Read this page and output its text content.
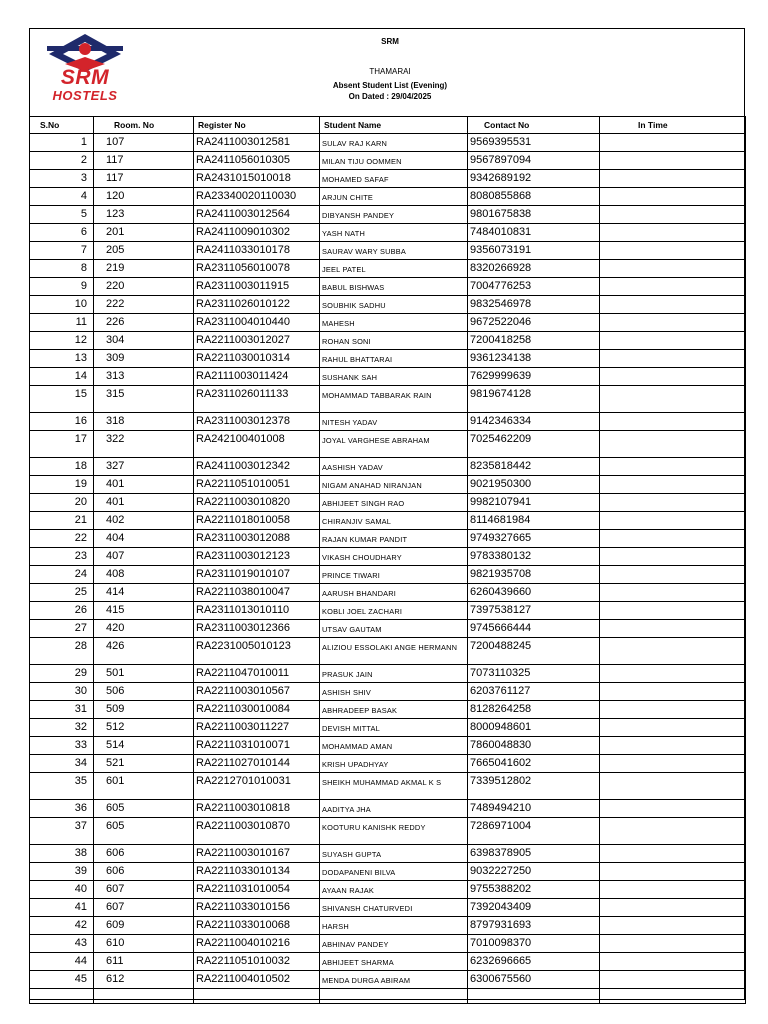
SRM
HOSTELS
SRM
THAMARAI
Absent Student List (Evening)
On Dated : 29/04/2025
S.No	Room. No	Register No	Student Name	Contact No	In Time
1	107	RA2411003012581	SULAV RAJ KARN	9569395531	
2	117	RA2411056010305	MILAN TIJU OOMMEN	9567897094	
3	117	RA2431015010018	MOHAMED SAFAF	9342689192	
4	120	RA23340020110030	ARJUN CHITE	8080855868	
5	123	RA2411003012564	DIBYANSH PANDEY	9801675838	
6	201	RA2411009010302	YASH NATH	7484010831	
7	205	RA2411033010178	SAURAV WARY SUBBA	9356073191	
8	219	RA2311056010078	JEEL PATEL	8320266928	
9	220	RA2311003011915	BABUL BISHWAS	7004776253	
10	222	RA2311026010122	SOUBHIK SADHU	9832546978	
11	226	RA2311004010440	MAHESH	9672522046	
12	304	RA2211003012027	ROHAN SONI	7200418258	
13	309	RA2211030010314	RAHUL BHATTARAI	9361234138	
14	313	RA2111003011424	SUSHANK SAH	7629999639	
15	315	RA2311026011133	MOHAMMAD TABBARAK RAIN	9819674128	
16	318	RA2311003012378	NITESH YADAV	9142346334	
17	322	RA242100401008	JOYAL VARGHESE ABRAHAM	7025462209	
18	327	RA2411003012342	AASHISH YADAV	8235818442	
19	401	RA2211051010051	NIGAM ANAHAD NIRANJAN	9021950300	
20	401	RA2211003010820	ABHIJEET SINGH RAO	9982107941	
21	402	RA2211018010058	CHIRANJIV SAMAL	8114681984	
22	404	RA2311003012088	RAJAN KUMAR PANDIT	9749327665	
23	407	RA2311003012123	VIKASH CHOUDHARY	9783380132	
24	408	RA2311019010107	PRINCE TIWARI	9821935708	
25	414	RA2211038010047	AARUSH BHANDARI	6260439660	
26	415	RA2311013010110	KOBLI JOEL ZACHARI	7397538127	
27	420	RA2311003012366	UTSAV GAUTAM	9745666444	
28	426	RA2231005010123	ALIZIOU ESSOLAKI ANGE HERMANN	7200488245	
29	501	RA2211047010011	PRASUK JAIN	7073110325	
30	506	RA2211003010567	ASHISH SHIV	6203761127	
31	509	RA2211030010084	ABHRADEEP BASAK	8128264258	
32	512	RA2211003011227	DEVISH MITTAL	8000948601	
33	514	RA2211031010071	MOHAMMAD AMAN	7860048830	
34	521	RA2211027010144	KRISH UPADHYAY	7665041602	
35	601	RA2212701010031	SHEIKH MUHAMMAD AKMAL K S	7339512802	
36	605	RA2211003010818	AADITYA JHA	7489494210	
37	605	RA2211003010870	KOOTURU KANISHK REDDY	7286971004	
38	606	RA2211003010167	SUYASH GUPTA	6398378905	
39	606	RA2211033010134	DODAPANENI BILVA	9032227250	
40	607	RA2211031010054	AYAAN RAJAK	9755388202	
41	607	RA2211033010156	SHIVANSH CHATURVEDI	7392043409	
42	609	RA2211033010068	HARSH	8797931693	
43	610	RA2211004010216	ABHINAV PANDEY	7010098370	
44	611	RA2211051010032	ABHIJEET SHARMA	6232696665	
45	612	RA2211004010502	MENDA DURGA ABIRAM	6300675560	
